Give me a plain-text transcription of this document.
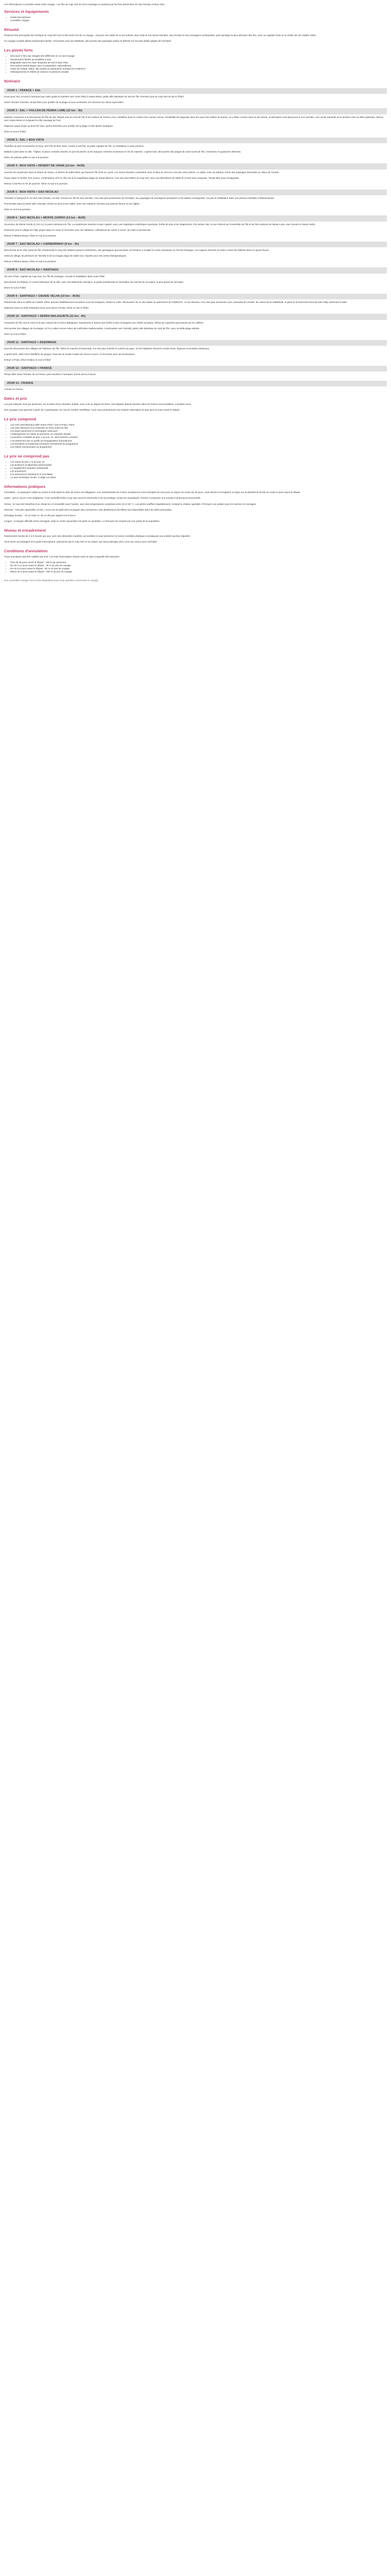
Les informations à connaître avant votre voyage : Les îles du Cap-Vert de Sal à Santiago en passant par les îles préservées de Sao Nicolau et Boa Vista

Services et équipements
• Guide francophone
• Conseiller voyage
Résumé

Plusieurs îles principales de l'archipel du Cap-Vert sont à découvrir lors de ce voyage : Sal pour son sable fin et ses salines, Boa Vista et ses dunes blondes, Sao Nicolau et ses montagnes verdoyantes, puis Santiago la plus africaine des îles, avec sa capitale Praia et sa vieille cité de Cidade Velha.

Un voyage complet alliant randonnées faciles, rencontres avec les habitants, découverte des paysages variés et détente sur les plus belles plages de l'archipel.

Les points forts
• Découvrir 4 îles aux visages très différents en un seul voyage
• Randonnées faciles accessibles à tous
• Baignades dans les eaux turquoise de Sal et Boa Vista
• Rencontres authentiques avec la population capverdienne
• Visite de Cidade Velha, site classé au patrimoine mondial de l'UNESCO
• Hébergements en hôtels de charme et pensions locales
Itinéraire
JOUR 1 : FRANCE > SAL

Envol pour Sal. Accueil à l'aéroport par votre guide et transfert vers votre hôtel à Santa Maria, petite ville balnéaire du sud de l'île. Premiers pas au Cap-Vert et nuit à l'hôtel.

Selon l'horaire d'arrivée, temps libre pour profiter de la plage et vous acclimater à la douceur du climat capverdien.

JOUR 2 : SAL > VOLCAN DE PEDRA LUME (12 km - 3h)

Matinée consacrée à la découverte de l'île de Sal. Départ vers le nord de l'île et les salines de Pedra Lume, installées dans le cratère d'un ancien volcan. Possibilité de baignade dans les eaux très salées du bassin, on y flotte comme dans la mer Morte. Continuation vers Buracona et son œil bleu, une cavité naturelle où la lumière crée un effet saisissant. Retour vers Santa Maria en longeant la côte sauvage de l'est.

Déjeuner pique-nique au bord de l'eau, après-midi libre pour profiter de la plage et des sports nautiques.

Dîner et nuit à l'hôtel.

JOUR 3 : SAL > BOA VISTA

Transfert au port et traversée en ferry vers l'île de Boa Vista. Arrivée à Sal Rei, la petite capitale de l'île, et installation à votre pension.

Balade à pied dans la ville : l'église, la place centrale animée, le port de pêche où les barques colorées reviennent en fin de matinée. L'après-midi, découverte des plages du nord-ouest de l'île, immenses et quasiment désertes.

Dîner de poisson grillé et nuit à la pension.

JOUR 4 : BOA VISTA > DÉSERT DE VIANA (13 km - 4h30)

Journée de randonnée dans le désert de Viana, un désert de sable blanc qui traverse l'île d'est en ouest. Les dunes blondes contrastent avec le bleu du ciel et le vert des rares arbres. Le sable, venu du Sahara, forme des paysages étonnants au milieu de l'océan.

Pique-nique à l'ombre d'un acacia. Continuation vers la côte est et la magnifique plage de Santa Monica, l'une des plus belles du Cap-Vert, avec ses kilomètres de sable fin et ses eaux turquoise. Temps libre pour la baignade.

Retour à Sal Rei en fin de journée. Dîner et nuit à la pension.

JOUR 5 : BOA VISTA > SAO NICOLAU

Transfert à l'aéroport et vol vers Sao Nicolau, via Sal. Arrivée sur l'île de Sao Nicolau, l'une des plus préservées de l'archipel, aux paysages de montagnes escarpées et de vallées verdoyantes. Accueil et installation dans une pension familiale à Ribeira Brava.

Promenade dans la petite ville coloniale nichée au fond d'une vallée, avec ses maisons colorées aux balcons fleuris et son église.

Dîner et nuit à la pension.

JOUR 6 : SAO NICOLAU > MONTE GORDO (12 km - 4h30)

Ascension du Monte Gordo (1 312 m), le point culminant de l'île. La randonnée traverse le parc naturel, avec une végétation endémique luxuriante, forêts de pins et de dragonniers. Par temps clair, la vue s'étend sur l'ensemble de l'île et les îles voisines de Santa Luzia, Sao Vicente et Santo Antão.

Descente vers le village de Fajã, pique-nique en route et rencontre avec les habitants, cultivateurs de canne à sucre, de maïs et de haricots.

Retour à Ribeira Brava. Dîner et nuit à la pension.

JOUR 7 : SAO NICOLAU > CARBEIRINHO (9 km - 3h)

Découverte de la côte ouest de l'île. Randonnée le long des falaises jusqu'à Carbeirinho, site géologique spectaculaire où l'érosion a sculpté la roche volcanique en formes étranges. Les vagues viennent se briser contre les falaises dans un grand fracas.

Visite du village de pêcheurs de Tarrafal et de sa longue plage de sable noir, réputée pour ses vertus thérapeutiques.

Retour à Ribeira Brava. Dîner et nuit à la pension.

JOUR 8 : SAO NICOLAU > SANTIAGO

Vol vers Praia, capitale du Cap-Vert, sur l'île de Santiago. Accueil et installation dans votre hôtel.

Découverte du Plateau, le centre historique de la ville, avec ses bâtiments coloniaux, le palais présidentiel et l'animation du marché de Sucupira, le plus grand de l'archipel.

Dîner et nuit à l'hôtel.

JOUR 9 : SANTIAGO > CIDADE VELHA (10 km - 3h30)

Randonnée dans la vallée de Cidade Velha, premier établissement européen sous les tropiques, fondé en 1462. Découverte de ce site classé au patrimoine de l'UNESCO : la rue Banana, l'une des plus anciennes rues coloniales du monde, les ruines de la cathédrale, le pilori et la forteresse Real de São Filipe dominant la baie.

Déjeuner dans un petit restaurant local, puis retour à Praia. Dîner et nuit à l'hôtel.

JOUR 10 : SANTIAGO > SERRA MALAGUETA (11 km - 4h)

Traversée de l'île vers le nord et le parc naturel de la Serra Malagueta. Randonnée à travers des forêts et des montagnes aux reliefs escarpés, offrant de superbes panoramas sur les vallées.

Découverte des villages de montagne où l'on cultive encore selon les méthodes traditionnelles. Continuation vers Tarrafal, petite ville balnéaire du nord de l'île, avec sa belle plage abritée.

Dîner et nuit à l'hôtel.

JOUR 11 : SANTIAGO > ASSOMADA

Journée découverte des villages de l'intérieur de l'île. Visite du marché d'Assomada, l'un des plus animés et colorés du pays, où les habitants viennent vendre fruits, légumes et produits artisanaux.

L'après-midi, visite d'une distillerie de grogue, l'eau-de-vie locale à base de canne à sucre, et rencontre avec les producteurs.

Retour à Praia. Dîner d'adieu et nuit à l'hôtel.

JOUR 12 : SANTIAGO > FRANCE

Temps libre selon l'horaire du vol retour, puis transfert à l'aéroport. Envol vers la France.

JOUR 13 : FRANCE

Arrivée en France.

Dates et prix

Les prix indiqués sont par personne, sur la base d'une chambre double, avec vols au départ de Paris. Des départs depuis d'autres villes de France sont possibles, consultez-nous.

Nos voyages sont garantis à partir de 4 participants. En cas de nombre insuffisant, nous vous proposerons une solution alternative au plus tard 21 jours avant le départ.

Le prix comprend
• Les vols internationaux aller-retour Paris / Sal et Praia / Paris
• Les vols intérieurs et la traversée en ferry entre les îles
• Les taxes aériennes et surcharges carburant
• L'hébergement en hôtels et pensions, en chambre double
• La pension complète du jour 2 au jour 11, sauf mention contraire
• L'encadrement par un guide accompagnateur francophone
• Les transferts et transports terrestres mentionnés au programme
• Les visites mentionnées au programme
Le prix ne comprend pas
• Les repas du jour 1 et du jour 12
• Les boissons et dépenses personnelles
• Le supplément chambre individuelle
• Les pourboires
• Les assurances assistance et annulation
• La taxe touristique locale, à régler sur place
Informations pratiques

Formalités : un passeport valide au moins 6 mois après la date de retour est obligatoire. Les ressortissants de l'Union européenne sont exemptés de visa pour un séjour de moins de 30 jours, mais doivent s'enregistrer en ligne sur la plateforme EASE au moins 5 jours avant le départ.

Santé : aucun vaccin n'est obligatoire. Il est conseillé d'être à jour des vaccins universels et de se protéger contre les moustiques. Pensez à emporter une trousse à pharmacie personnelle.

Climat : le Cap-Vert bénéficie d'un climat sec et ensoleillé toute l'année, avec des températures comprises entre 22 et 30 °C. Les alizés soufflent régulièrement, rendant la chaleur agréable. Prévoyez une polaire pour les soirées en montagne.

Monnaie : l'escudo capverdien (CVE). L'euro est accepté dans la plupart des commerces. Des distributeurs de billets sont disponibles dans les villes principales.

Décalage horaire : -2h en hiver et -3h en été par rapport à la France.

Langue : la langue officielle est le portugais, mais le créole capverdien est parlé au quotidien. Le français est compris par une partie de la population.

Niveau et encadrement

Randonnées faciles de 3 à 5 heures par jour, avec des dénivelés modérés, accessibles à toute personne en bonne condition physique et pratiquant une activité sportive régulière.

Vous serez accompagné d'un guide francophone, passionné par le Cap-Vert et sa culture, qui saura partager avec vous son amour pour l'archipel.

Conditions d'annulation

Toute annulation doit être notifiée par écrit. Les frais d'annulation varient selon la date à laquelle elle intervient :

• Plus de 30 jours avant le départ : 100 € par personne
• De 30 à 21 jours avant le départ : 25 % du prix du voyage
• De 20 à 8 jours avant le départ : 50 % du prix du voyage
• Moins de 8 jours avant le départ : 100 % du prix du voyage

Nos conseillers voyage sont à votre disposition pour toute question concernant ce voyage.
